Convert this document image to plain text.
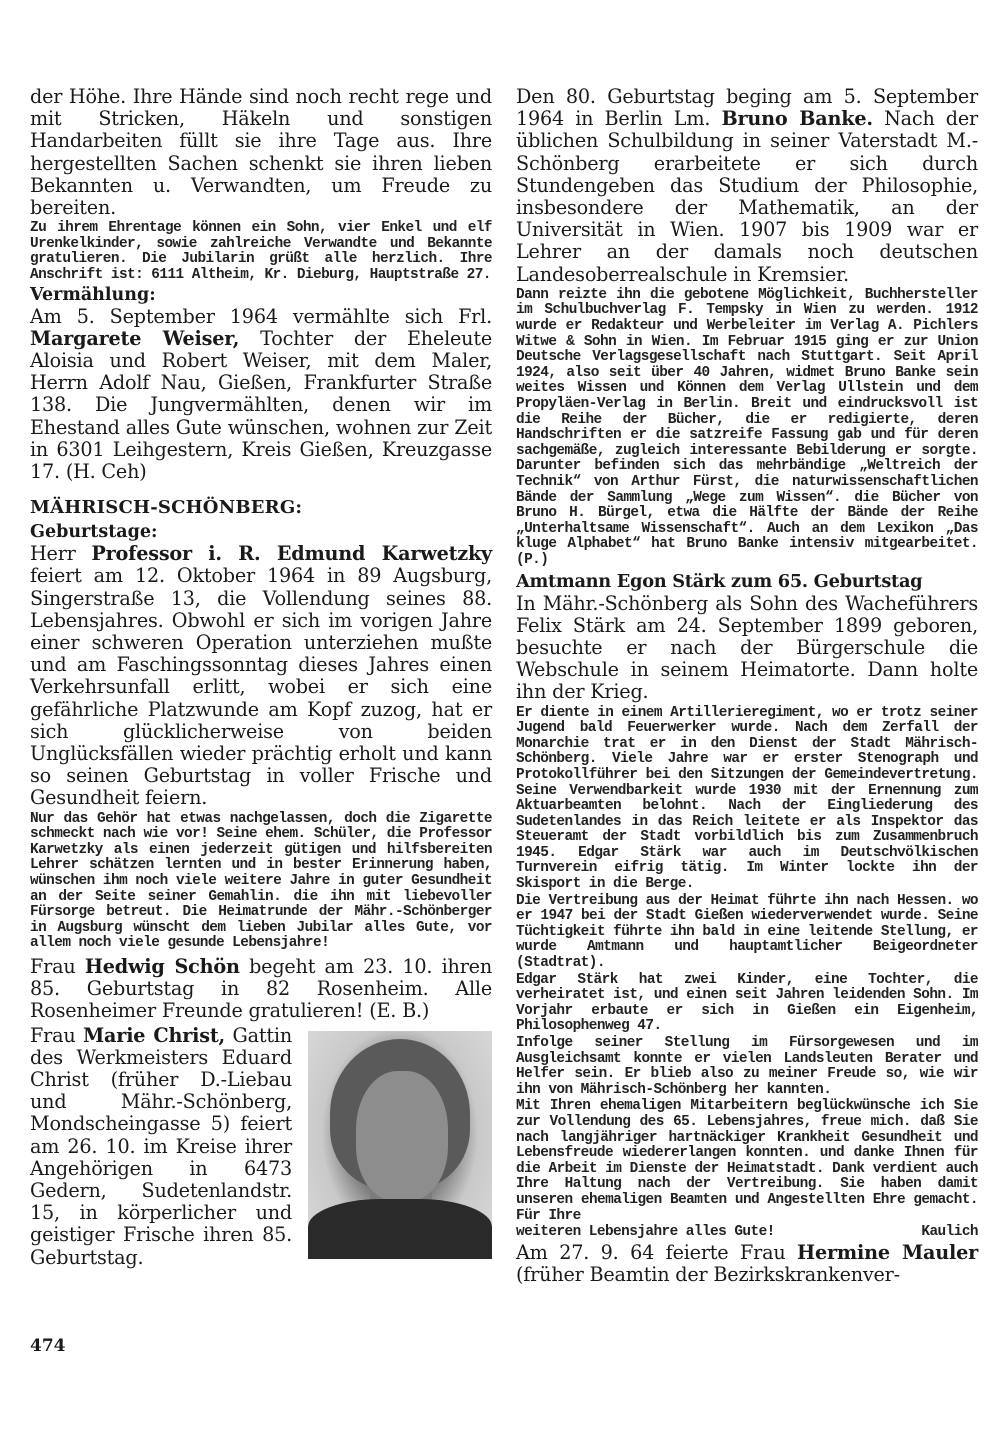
der Höhe. Ihre Hände sind noch recht rege und mit Stricken, Häkeln und sonstigen Handarbeiten füllt sie ihre Tage aus. Ihre hergestellten Sachen schenkt sie ihren lieben Bekannten u. Verwandten, um Freude zu bereiten.

Zu ihrem Ehrentage können ein Sohn, vier Enkel und elf Urenkelkinder, sowie zahlreiche Verwandte und Bekannte gratulieren. Die Jubilarin grüßt alle herzlich. Ihre Anschrift ist: 6111 Altheim, Kr. Dieburg, Hauptstraße 27.

Vermählung:

Am 5. September 1964 vermählte sich Frl. Margarete Weiser, Tochter der Eheleute Aloisia und Robert Weiser, mit dem Maler, Herrn Adolf Nau, Gießen, Frankfurter Straße 138. Die Jungvermählten, denen wir im Ehestand alles Gute wünschen, wohnen zur Zeit in 6301 Leihgestern, Kreis Gießen, Kreuzgasse 17. (H. Ceh)

MÄHRISCH-SCHÖNBERG:
Geburtstage:

Herr Professor i. R. Edmund Karwetzky feiert am 12. Oktober 1964 in 89 Augsburg, Singerstraße 13, die Vollendung seines 88. Lebensjahres. Obwohl er sich im vorigen Jahre einer schweren Operation unterziehen mußte und am Faschingssonntag dieses Jahres einen Verkehrsunfall erlitt, wobei er sich eine gefährliche Platzwunde am Kopf zuzog, hat er sich glücklicherweise von beiden Unglücksfällen wieder prächtig erholt und kann so seinen Geburtstag in voller Frische und Gesundheit feiern.

Nur das Gehör hat etwas nachgelassen, doch die Zigarette schmeckt nach wie vor! Seine ehem. Schüler, die Professor Karwetzky als einen jederzeit gütigen und hilfsbereiten Lehrer schätzen lernten und in bester Erinnerung haben, wünschen ihm noch viele weitere Jahre in guter Gesundheit an der Seite seiner Gemahlin. die ihn mit liebevoller Fürsorge betreut. Die Heimatrunde der Mähr.-Schönberger in Augsburg wünscht dem lieben Jubilar alles Gute, vor allem noch viele gesunde Lebensjahre!

Frau Hedwig Schön begeht am 23. 10. ihren 85. Geburtstag in 82 Rosenheim. Alle Rosenheimer Freunde gratulieren! (E. B.)

Frau Marie Christ, Gattin des Werkmeisters Eduard Christ (früher D.-Liebau und Mähr.-Schönberg, Mondscheingasse 5) feiert am 26. 10. im Kreise ihrer Angehörigen in 6473 Gedern, Sudetenlandstr. 15, in körperlicher und geistiger Frische ihren 85. Geburtstag.

Den 80. Geburtstag beging am 5. September 1964 in Berlin Lm. Bruno Banke. Nach der üblichen Schulbildung in seiner Vaterstadt M.-Schönberg erarbeitete er sich durch Stundengeben das Studium der Philosophie, insbesondere der Mathematik, an der Universität in Wien. 1907 bis 1909 war er Lehrer an der damals noch deutschen Landesoberrealschule in Kremsier.

Dann reizte ihn die gebotene Möglichkeit, Buchhersteller im Schulbuchverlag F. Tempsky in Wien zu werden. 1912 wurde er Redakteur und Werbeleiter im Verlag A. Pichlers Witwe & Sohn in Wien. Im Februar 1915 ging er zur Union Deutsche Verlagsgesellschaft nach Stuttgart. Seit April 1924, also seit über 40 Jahren, widmet Bruno Banke sein weites Wissen und Können dem Verlag Ullstein und dem Propyläen-Verlag in Berlin. Breit und eindrucksvoll ist die Reihe der Bücher, die er redigierte, deren Handschriften er die satzreife Fassung gab und für deren sachgemäße, zugleich interessante Bebilderung er sorgte. Darunter befinden sich das mehrbändige „Weltreich der Technik“ von Arthur Fürst, die naturwissenschaftlichen Bände der Sammlung „Wege zum Wissen“. die Bücher von Bruno H. Bürgel, etwa die Hälfte der Bände der Reihe „Unterhaltsame Wissenschaft“. Auch an dem Lexikon „Das kluge Alphabet“ hat Bruno Banke intensiv mitgearbeitet. (P.)

Amtmann Egon Stärk zum 65. Geburtstag

In Mähr.-Schönberg als Sohn des Wacheführers Felix Stärk am 24. September 1899 geboren, besuchte er nach der Bürgerschule die Webschule in seinem Heimatorte. Dann holte ihn der Krieg.

Er diente in einem Artillerieregiment, wo er trotz seiner Jugend bald Feuerwerker wurde. Nach dem Zerfall der Monarchie trat er in den Dienst der Stadt Mährisch-Schönberg. Viele Jahre war er erster Stenograph und Protokollführer bei den Sitzungen der Gemeindevertretung. Seine Verwendbarkeit wurde 1930 mit der Ernennung zum Aktuarbeamten belohnt. Nach der Eingliederung des Sudetenlandes in das Reich leitete er als Inspektor das Steueramt der Stadt vorbildlich bis zum Zusammenbruch 1945. Edgar Stärk war auch im Deutschvölkischen Turnverein eifrig tätig. Im Winter lockte ihn der Skisport in die Berge.

Die Vertreibung aus der Heimat führte ihn nach Hessen. wo er 1947 bei der Stadt Gießen wiederverwendet wurde. Seine Tüchtigkeit führte ihn bald in eine leitende Stellung, er wurde Amtmann und hauptamtlicher Beigeordneter (Stadtrat).

Edgar Stärk hat zwei Kinder, eine Tochter, die verheiratet ist, und einen seit Jahren leidenden Sohn. Im Vorjahr erbaute er sich in Gießen ein Eigenheim, Philosophenweg 47.

Infolge seiner Stellung im Fürsorgewesen und im Ausgleichsamt konnte er vielen Landsleuten Berater und Helfer sein. Er blieb also zu meiner Freude so, wie wir ihn von Mährisch-Schönberg her kannten.

Mit Ihren ehemaligen Mitarbeitern beglückwünsche ich Sie zur Vollendung des 65. Lebensjahres, freue mich. daß Sie nach langjähriger hartnäckiger Krankheit Gesundheit und Lebensfreude wiedererlangen konnten. und danke Ihnen für die Arbeit im Dienste der Heimatstadt. Dank verdient auch Ihre Haltung nach der Vertreibung. Sie haben damit unseren ehemaligen Beamten und Angestellten Ehre gemacht. Für Ihre

weiteren Lebensjahre alles Gute!	Kaulich

Am 27. 9. 64 feierte Frau Hermine Mauler (früher Beamtin der Bezirkskrankenver-

474
